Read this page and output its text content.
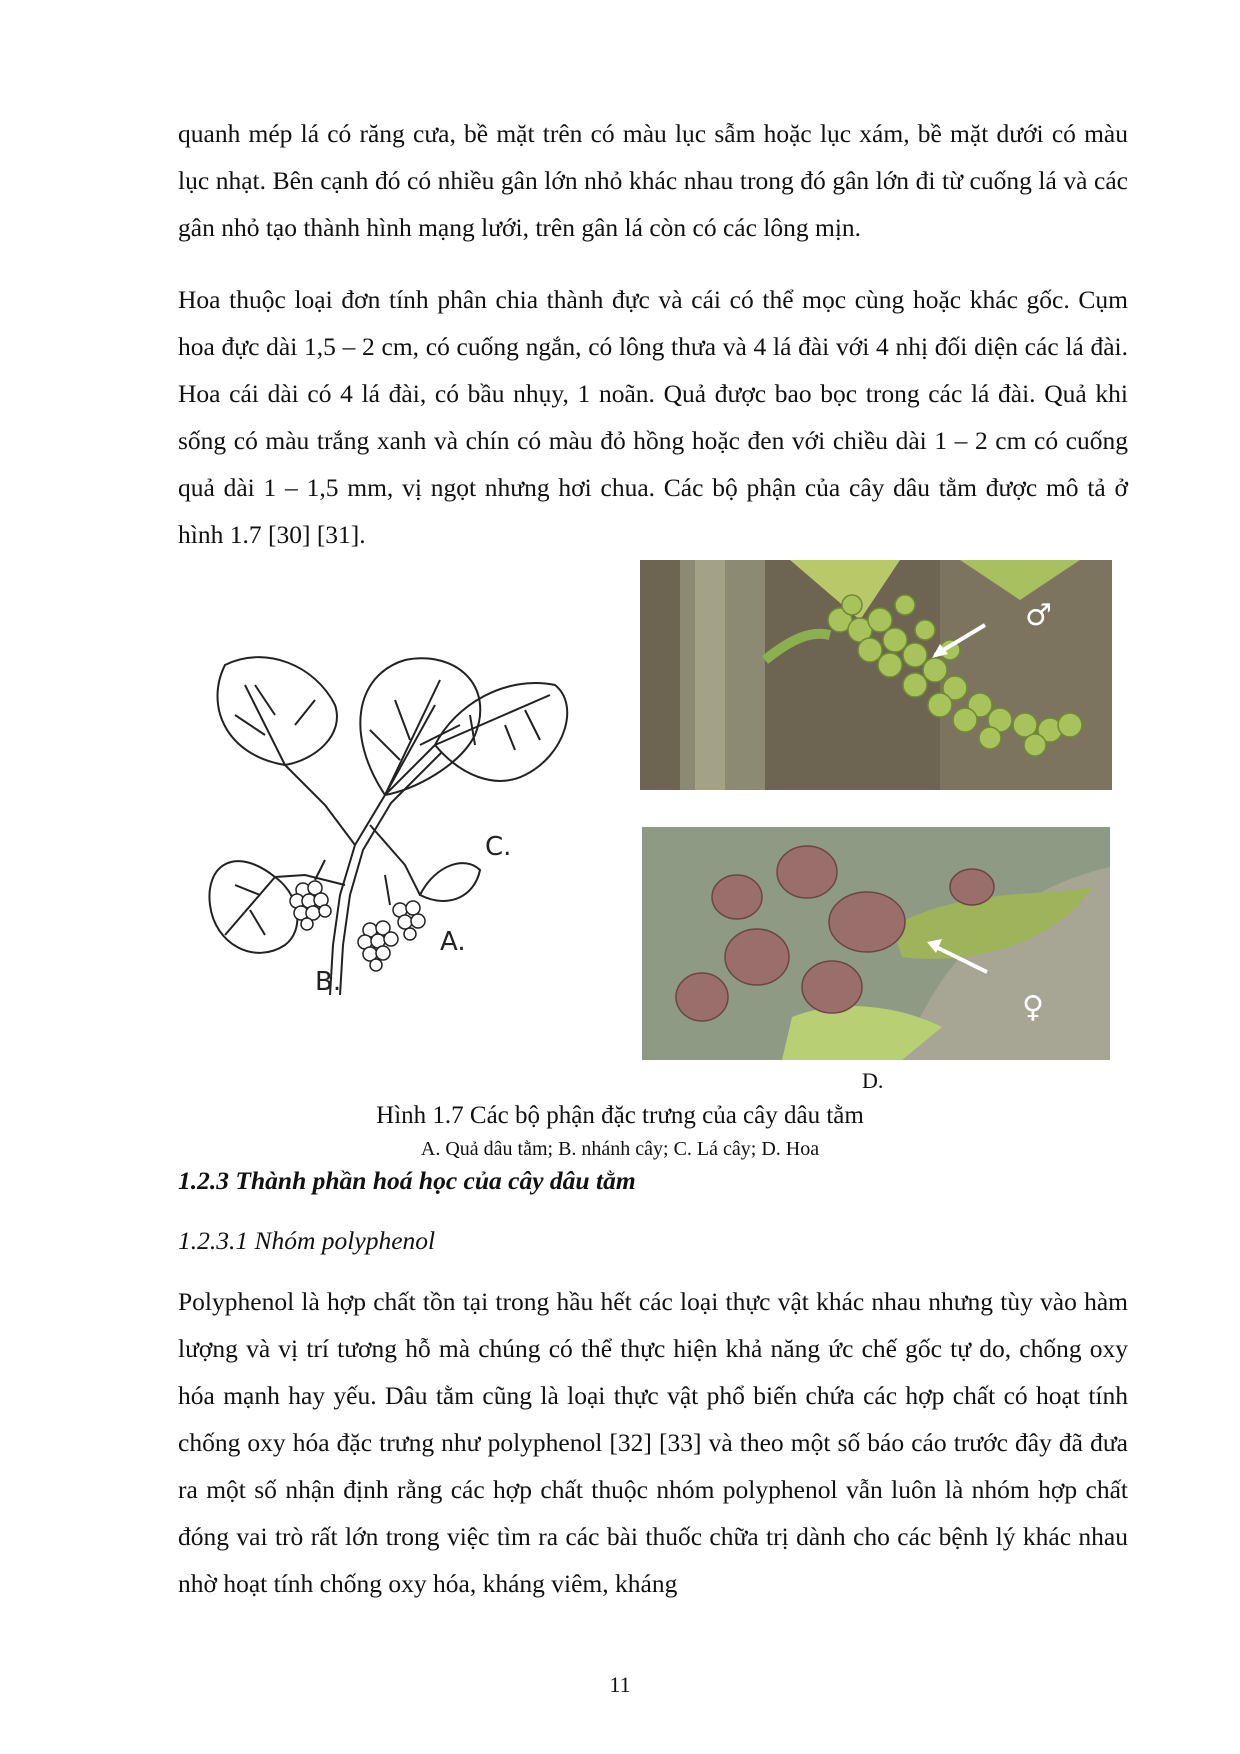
quanh mép lá có răng cưa, bề mặt trên có màu lục sẫm hoặc lục xám, bề mặt dưới có màu lục nhạt. Bên cạnh đó có nhiều gân lớn nhỏ khác nhau trong đó gân lớn đi từ cuống lá và các gân nhỏ tạo thành hình mạng lưới, trên gân lá còn có các lông mịn.

Hoa thuộc loại đơn tính phân chia thành đực và cái có thể mọc cùng hoặc khác gốc. Cụm hoa đực dài 1,5 – 2 cm, có cuống ngắn, có lông thưa và 4 lá đài với 4 nhị đối diện các lá đài. Hoa cái dài có 4 lá đài, có bầu nhụy, 1 noãn. Quả được bao bọc trong các lá đài. Quả khi sống có màu trắng xanh và chín có màu đỏ hồng hoặc đen với chiều dài 1 – 2 cm có cuống quả dài 1 – 1,5 mm, vị ngọt nhưng hơi chua. Các bộ phận của cây dâu tằm được mô tả ở hình 1.7 [30] [31].

C.
A.
B.
♂
♀
D.

Hình 1.7 Các bộ phận đặc trưng của cây dâu tằm

A. Quả dâu tằm; B. nhánh cây; C. Lá cây; D. Hoa

1.2.3 Thành phần hoá học của cây dâu tằm
1.2.3.1 Nhóm polyphenol

Polyphenol là hợp chất tồn tại trong hầu hết các loại thực vật khác nhau nhưng tùy vào hàm lượng và vị trí tương hỗ mà chúng có thể thực hiện khả năng ức chế gốc tự do, chống oxy hóa mạnh hay yếu. Dâu tằm cũng là loại thực vật phổ biến chứa các hợp chất có hoạt tính chống oxy hóa đặc trưng như polyphenol [32] [33] và theo một số báo cáo trước đây đã đưa ra một số nhận định rằng các hợp chất thuộc nhóm polyphenol vẫn luôn là nhóm hợp chất đóng vai trò rất lớn trong việc tìm ra các bài thuốc chữa trị dành cho các bệnh lý khác nhau nhờ hoạt tính chống oxy hóa, kháng viêm, kháng

11
